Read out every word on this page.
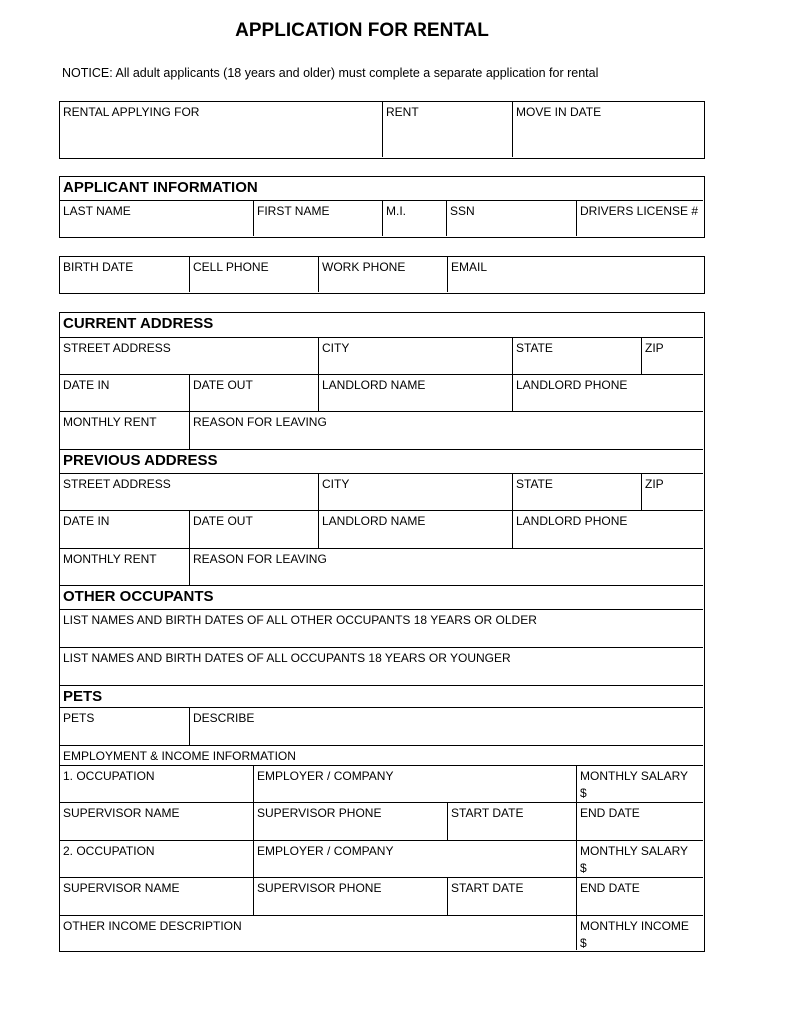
APPLICATION FOR RENTAL
NOTICE: All adult applicants (18 years and older) must complete a separate application for rental
RENTAL APPLYING FOR	RENT	MOVE IN DATE
APPLICANT INFORMATION
LAST NAME	FIRST NAME	M.I.	SSN	DRIVERS LICENSE #
BIRTH DATE	CELL PHONE	WORK PHONE	EMAIL
CURRENT ADDRESS
STREET ADDRESS	CITY	STATE	ZIP
DATE IN	DATE OUT	LANDLORD NAME	LANDLORD PHONE
MONTHLY RENT	REASON FOR LEAVING
PREVIOUS ADDRESS
STREET ADDRESS	CITY	STATE	ZIP
DATE IN	DATE OUT	LANDLORD NAME	LANDLORD PHONE
MONTHLY RENT	REASON FOR LEAVING
OTHER OCCUPANTS
LIST NAMES AND BIRTH DATES OF ALL OTHER OCCUPANTS 18 YEARS OR OLDER
LIST NAMES AND BIRTH DATES OF ALL OCCUPANTS 18 YEARS OR YOUNGER
PETS
PETS	DESCRIBE
EMPLOYMENT & INCOME INFORMATION
1. OCCUPATION	EMPLOYER / COMPANY	MONTHLY SALARY
$
SUPERVISOR NAME	SUPERVISOR PHONE	START DATE	END DATE
2. OCCUPATION	EMPLOYER / COMPANY	MONTHLY SALARY
$
SUPERVISOR NAME	SUPERVISOR PHONE	START DATE	END DATE
OTHER INCOME DESCRIPTION	MONTHLY INCOME
$
